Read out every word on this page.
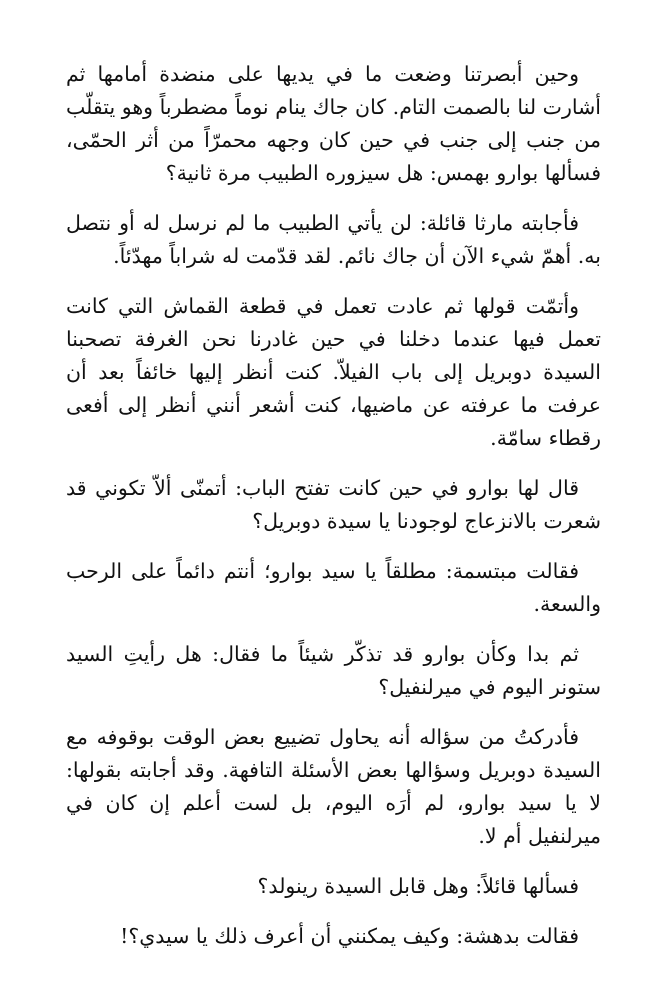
وحين أبصرتنا وضعت ما في يديها على منضدة أمامها ثم أشارت لنا بالصمت التام. كان جاك ينام نوماً مضطرباً وهو يتقلّب من جنب إلى جنب في حين كان وجهه محمرّاً من أثر الحمّى، فسألها بوارو بهمس: هل سيزوره الطبيب مرة ثانية؟

فأجابته مارثا قائلة: لن يأتي الطبيب ما لم نرسل له أو نتصل به. أهمّ شيء الآن أن جاك نائم. لقد قدّمت له شراباً مهدّئاً.

وأتمّت قولها ثم عادت تعمل في قطعة القماش التي كانت تعمل فيها عندما دخلنا في حين غادرنا نحن الغرفة تصحبنا السيدة دوبريل إلى باب الفيلاّ. كنت أنظر إليها خائفاً بعد أن عرفت ما عرفته عن ماضيها، كنت أشعر أنني أنظر إلى أفعى رقطاء سامّة.

قال لها بوارو في حين كانت تفتح الباب: أتمنّى ألاّ تكوني قد شعرت بالانزعاج لوجودنا يا سيدة دوبريل؟

فقالت مبتسمة: مطلقاً يا سيد بوارو؛ أنتم دائماً على الرحب والسعة.

ثم بدا وكأن بوارو قد تذكّر شيئاً ما فقال: هل رأيتِ السيد ستونر اليوم في ميرلنفيل؟

فأدركتُ من سؤاله أنه يحاول تضييع بعض الوقت بوقوفه مع السيدة دوبريل وسؤالها بعض الأسئلة التافهة. وقد أجابته بقولها: لا يا سيد بوارو، لم أرَه اليوم، بل لست أعلم إن كان في ميرلنفيل أم لا.

فسألها قائلاً: وهل قابل السيدة رينولد؟

فقالت بدهشة: وكيف يمكنني أن أعرف ذلك يا سيدي؟!
